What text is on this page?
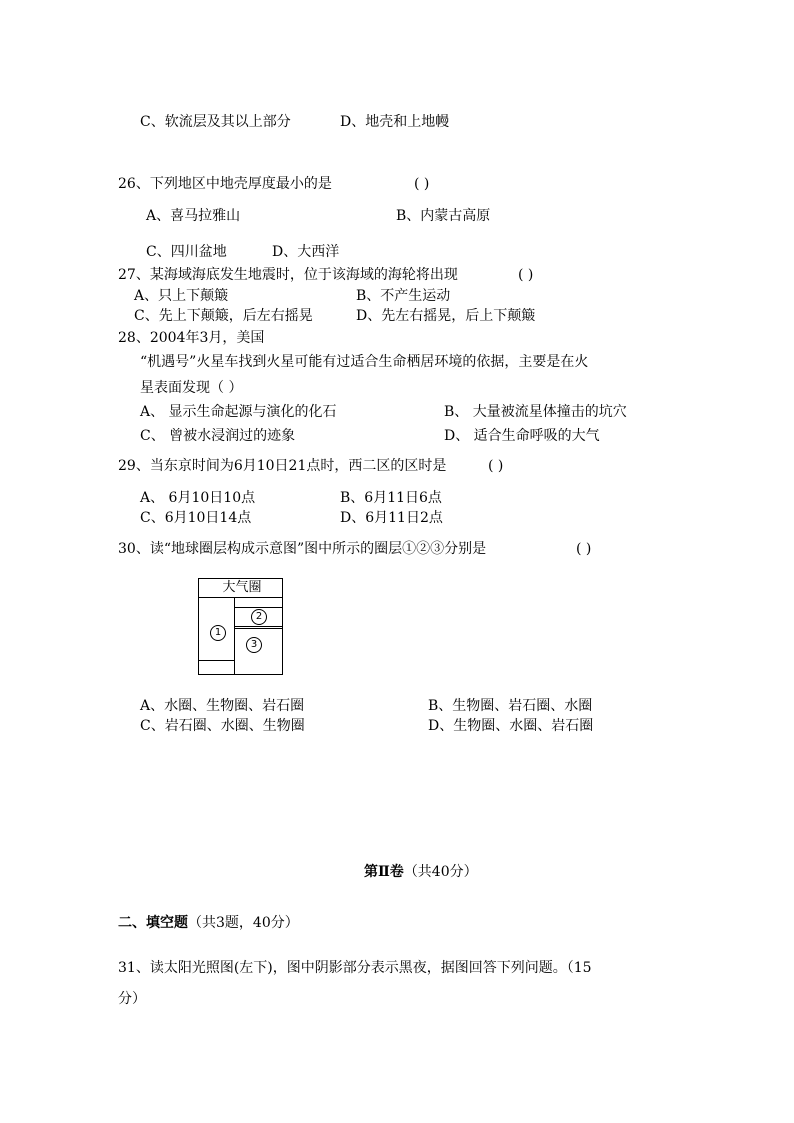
C、软流层及其以上部分	D、地壳和上地幔
26、下列地区中地壳厚度最小的是	( )
A、喜马拉雅山	B、内蒙古高原
C、四川盆地	D、大西洋
27、某海域海底发生地震时，位于该海域的海轮将出现	( )
A、只上下颠簸	B、不产生运动
C、先上下颠簸，后左右摇晃	D、先左右摇晃，后上下颠簸
28、2004年3月，美国
“机遇号”火星车找到火星可能有过适合生命栖居环境的依据，主要是在火
星表面发现（ ）
A、 显示生命起源与演化的化石	B、 大量被流星体撞击的坑穴
C、 曾被水浸润过的迹象	D、 适合生命呼吸的大气
29、当东京时间为6月10日21点时，西二区的区时是	( )
A、 6月10日10点	B、6月11日6点
C、6月10日14点	D、6月11日2点
30、读“地球圈层构成示意图”图中所示的圈层①②③分别是	( )
大气圈
1
2
3
A、水圈、生物圈、岩石圈	B、生物圈、岩石圈、水圈
C、岩石圈、水圈、生物圈	D、生物圈、水圈、岩石圈
第Ⅱ卷（共40分）
二、填空题（共3题，40分）
31、读太阳光照图(左下)，图中阴影部分表示黑夜，据图回答下列问题。（15
分）
